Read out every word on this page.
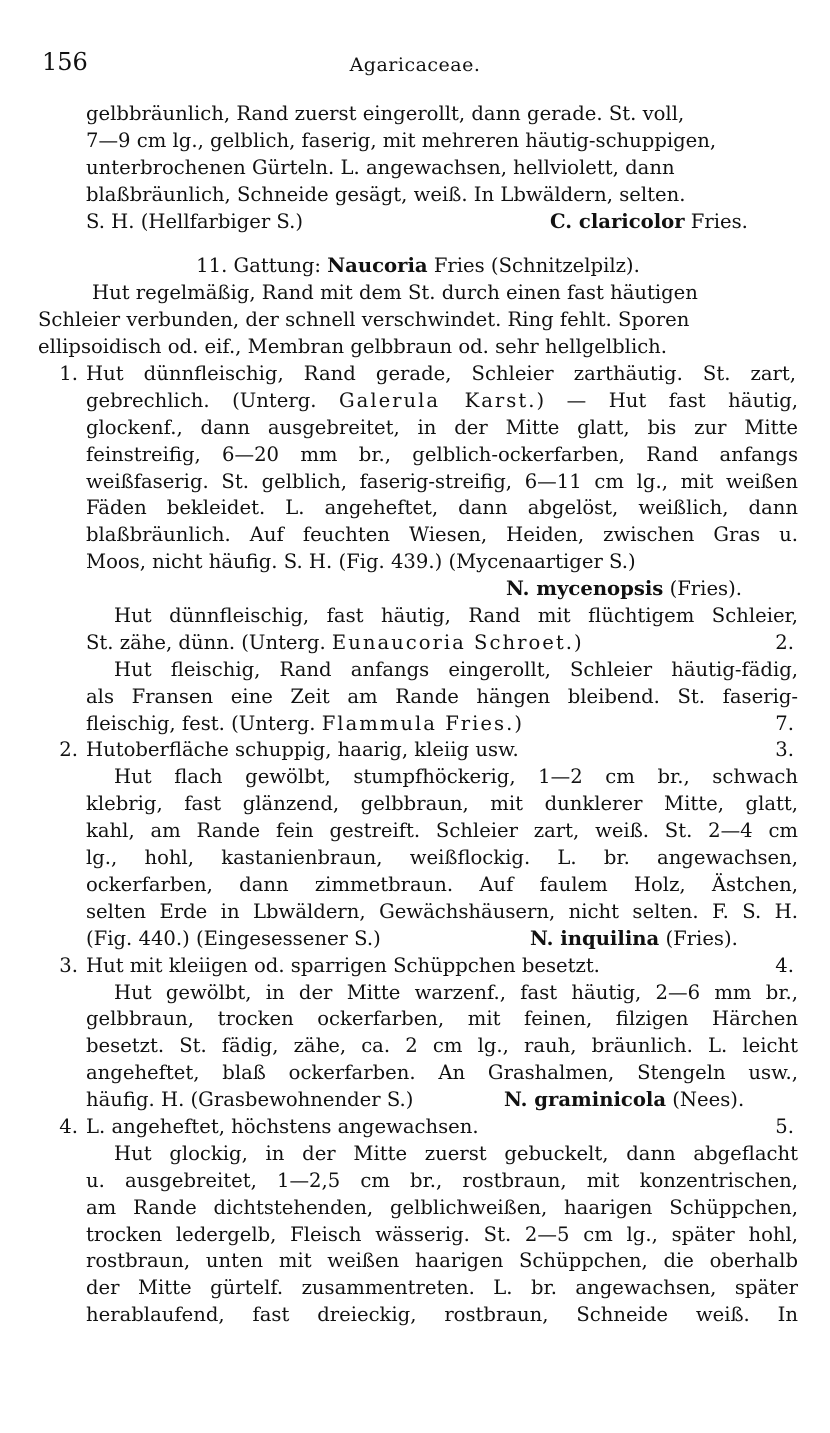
156	Agaricaceae.
gelbbräunlich, Rand zuerst eingerollt, dann gerade. St. voll,
7—9 cm lg., gelblich, faserig, mit mehreren häutig-schuppigen,
unterbrochenen Gürteln. L. angewachsen, hellviolett, dann
blaßbräunlich, Schneide gesägt, weiß. In Lbwäldern, selten.
S. H. (Hellfarbiger S.)	C. claricolor Fries.
11. Gattung: Naucoria Fries (Schnitzelpilz).
Hut regelmäßig, Rand mit dem St. durch einen fast häutigen
Schleier verbunden, der schnell verschwindet. Ring fehlt. Sporen
ellipsoidisch od. eif., Membran gelbbraun od. sehr hellgelblich.
1. Hut dünnfleischig, Rand gerade, Schleier zarthäutig. St. zart,
gebrechlich. (Unterg. Galerula Karst.) — Hut fast häutig,
glockenf., dann ausgebreitet, in der Mitte glatt, bis zur Mitte
feinstreifig, 6—20 mm br., gelblich-ockerfarben, Rand anfangs
weißfaserig. St. gelblich, faserig-streifig, 6—11 cm lg., mit weißen
Fäden bekleidet. L. angeheftet, dann abgelöst, weißlich, dann
blaßbräunlich. Auf feuchten Wiesen, Heiden, zwischen Gras u.
Moos, nicht häufig. S. H. (Fig. 439.) (Mycenaartiger S.)
N. mycenopsis (Fries).
Hut dünnfleischig, fast häutig, Rand mit flüchtigem Schleier,
St. zähe, dünn. (Unterg. Eunaucoria Schroet.)	2.
Hut fleischig, Rand anfangs eingerollt, Schleier häutig-fädig,
als Fransen eine Zeit am Rande hängen bleibend. St. faserig-
fleischig, fest. (Unterg. Flammula Fries.)	7.
2. Hutoberfläche schuppig, haarig, kleiig usw.	3.
Hut flach gewölbt, stumpfhöckerig, 1—2 cm br., schwach
klebrig, fast glänzend, gelbbraun, mit dunklerer Mitte, glatt,
kahl, am Rande fein gestreift. Schleier zart, weiß. St. 2—4 cm
lg., hohl, kastanienbraun, weißflockig. L. br. angewachsen,
ockerfarben, dann zimmetbraun. Auf faulem Holz, Ästchen,
selten Erde in Lbwäldern, Gewächshäusern, nicht selten. F. S. H.
(Fig. 440.) (Eingesessener S.)	N. inquilina (Fries).
3. Hut mit kleiigen od. sparrigen Schüppchen besetzt.	4.
Hut gewölbt, in der Mitte warzenf., fast häutig, 2—6 mm br.,
gelbbraun, trocken ockerfarben, mit feinen, filzigen Härchen
besetzt. St. fädig, zähe, ca. 2 cm lg., rauh, bräunlich. L. leicht
angeheftet, blaß ockerfarben. An Grashalmen, Stengeln usw.,
häufig. H. (Grasbewohnender S.)	N. graminicola (Nees).
4. L. angeheftet, höchstens angewachsen.	5.
Hut glockig, in der Mitte zuerst gebuckelt, dann abgeflacht
u. ausgebreitet, 1—2,5 cm br., rostbraun, mit konzentrischen,
am Rande dichtstehenden, gelblichweißen, haarigen Schüppchen,
trocken ledergelb, Fleisch wässerig. St. 2—5 cm lg., später hohl,
rostbraun, unten mit weißen haarigen Schüppchen, die oberhalb
der Mitte gürtelf. zusammentreten. L. br. angewachsen, später
herablaufend, fast dreieckig, rostbraun, Schneide weiß. In
